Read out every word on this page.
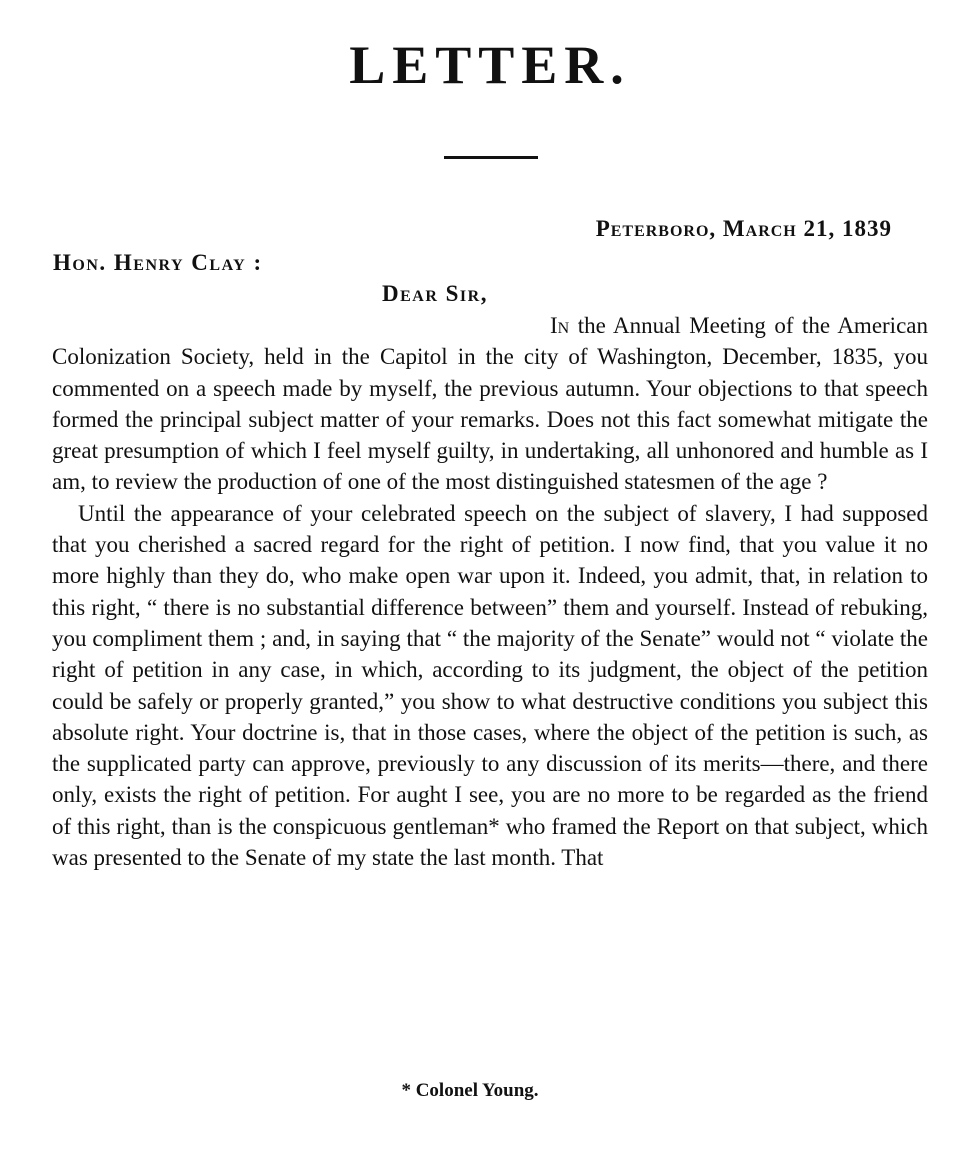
LETTER.
Peterboro, March 21, 1839
Hon. Henry Clay :
Dear Sir,

In the Annual Meeting of the American Colonization Society, held in the Capitol in the city of Washington, December, 1835, you commented on a speech made by myself, the previous autumn. Your objections to that speech formed the principal subject matter of your remarks. Does not this fact somewhat mitigate the great presumption of which I feel myself guilty, in undertaking, all unhonored and humble as I am, to review the production of one of the most distinguished statesmen of the age ?

Until the appearance of your celebrated speech on the subject of slavery, I had supposed that you cherished a sacred regard for the right of petition. I now find, that you value it no more highly than they do, who make open war upon it. Indeed, you admit, that, in relation to this right, “ there is no substantial difference between” them and yourself. Instead of rebuking, you compliment them ; and, in saying that “ the majority of the Senate” would not “ violate the right of petition in any case, in which, according to its judgment, the object of the petition could be safely or properly granted,” you show to what destructive conditions you subject this absolute right. Your doctrine is, that in those cases, where the object of the petition is such, as the supplicated party can approve, previously to any discussion of its merits—there, and there only, exists the right of petition. For aught I see, you are no more to be regarded as the friend of this right, than is the conspicuous gentleman* who framed the Report on that subject, which was presented to the Senate of my state the last month. That

* Colonel Young.
